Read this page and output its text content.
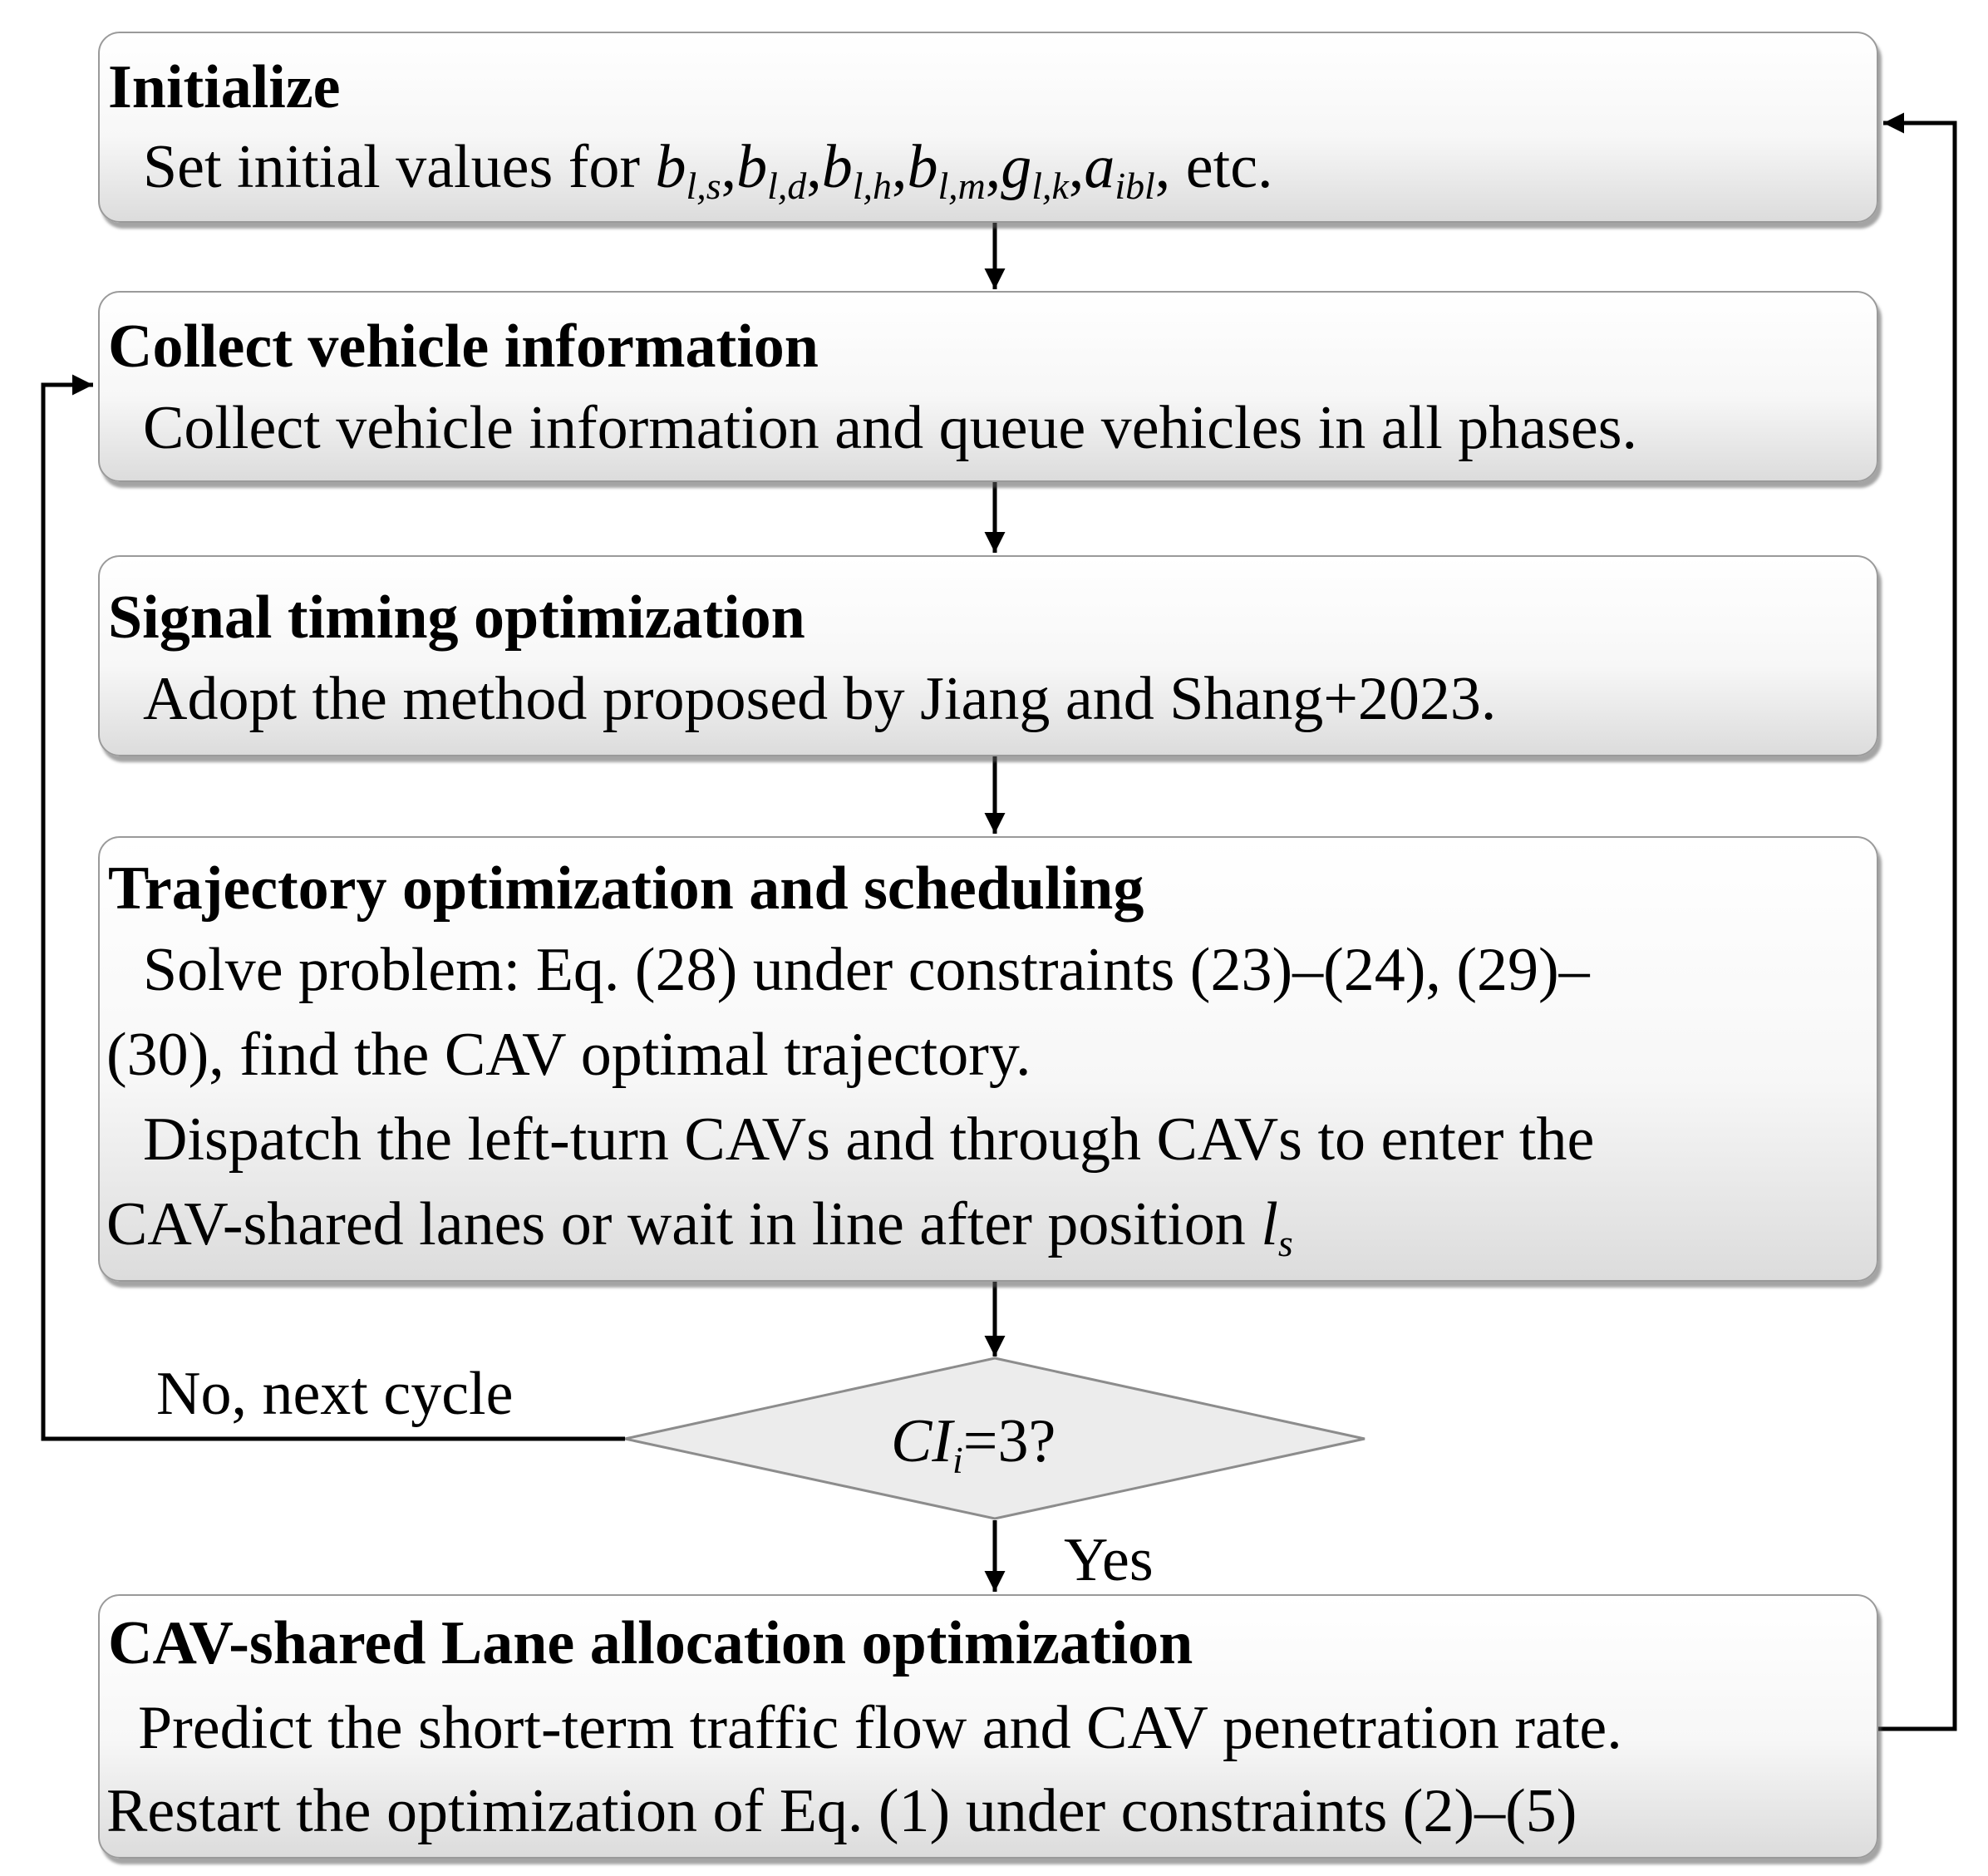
Initialize
Set initial values for $b_{l,s},b_{l,d},b_{l,h},b_{l,m},g_{l,k},a_{ibl}$, etc.
Collect vehicle information
Collect vehicle information and queue vehicles in all phases.
Signal timing optimization
Adopt the method proposed by Jiang and Shang+2023.
Trajectory optimization and scheduling
Solve problem: Eq. (28) under constraints (23)–(24), (29)–
(30), find the CAV optimal trajectory.
Dispatch the left-turn CAVs and through CAVs to enter the
CAV-shared lanes or wait in line after position $l_s$
$CI_i=3$?
No, next cycle
Yes
CAV-shared Lane allocation optimization
Predict the short-term traffic flow and CAV penetration rate.
Restart the optimization of Eq. (1) under constraints (2)–(5)
